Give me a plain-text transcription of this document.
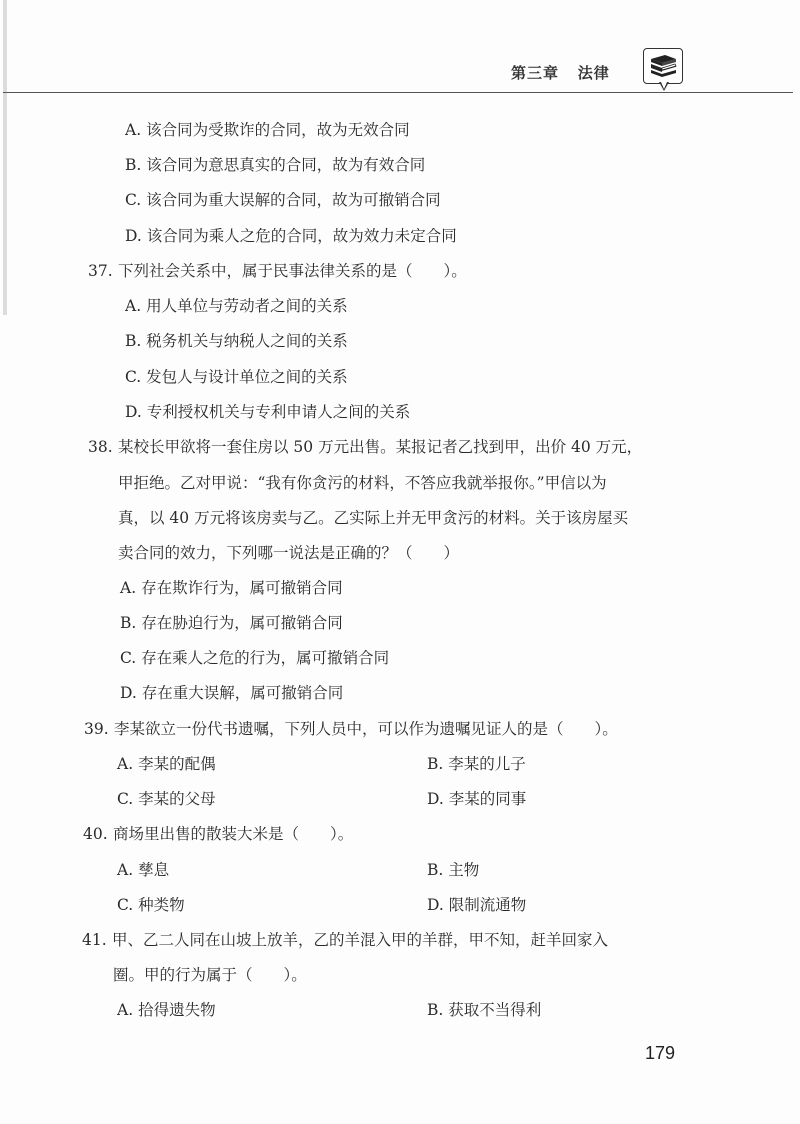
第三章 法律
A. 该合同为受欺诈的合同，故为无效合同
B. 该合同为意思真实的合同，故为有效合同
C. 该合同为重大误解的合同，故为可撤销合同
D. 该合同为乘人之危的合同，故为效力未定合同
37. 下列社会关系中，属于民事法律关系的是（　　）。
A. 用人单位与劳动者之间的关系
B. 税务机关与纳税人之间的关系
C. 发包人与设计单位之间的关系
D. 专利授权机关与专利申请人之间的关系
38. 某校长甲欲将一套住房以 50 万元出售。某报记者乙找到甲，出价 40 万元，
甲拒绝。乙对甲说：“我有你贪污的材料，不答应我就举报你。”甲信以为
真，以 40 万元将该房卖与乙。乙实际上并无甲贪污的材料。关于该房屋买
卖合同的效力，下列哪一说法是正确的？（　　）
A. 存在欺诈行为，属可撤销合同
B. 存在胁迫行为，属可撤销合同
C. 存在乘人之危的行为，属可撤销合同
D. 存在重大误解，属可撤销合同
39. 李某欲立一份代书遗嘱，下列人员中，可以作为遗嘱见证人的是（　　）。
A. 李某的配偶	B. 李某的儿子
C. 李某的父母	D. 李某的同事
40. 商场里出售的散装大米是（　　）。
A. 孳息	B. 主物
C. 种类物	D. 限制流通物
41. 甲、乙二人同在山坡上放羊，乙的羊混入甲的羊群，甲不知，赶羊回家入
圈。甲的行为属于（　　）。
A. 拾得遗失物	B. 获取不当得利
179
